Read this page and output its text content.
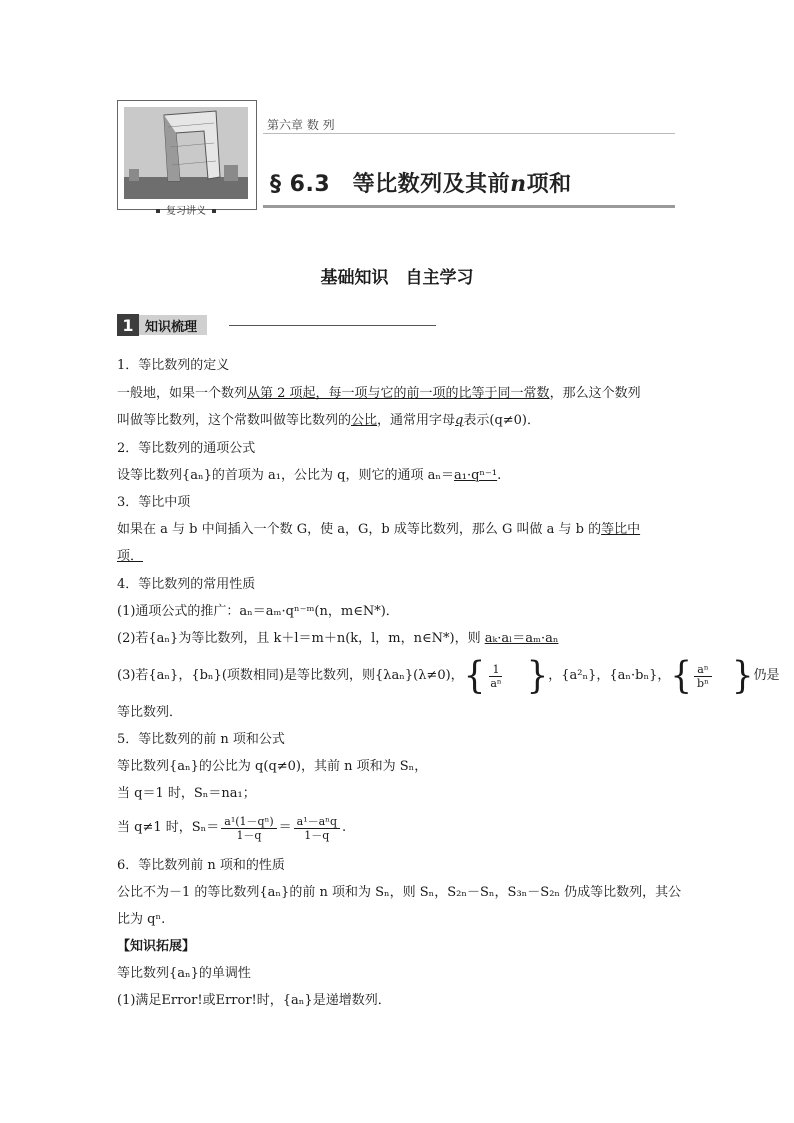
复习讲义
第六章 数 列
§ 6.3　等比数列及其前n项和
基础知识　自主学习
1 知识梳理
1．等比数列的定义
一般地，如果一个数列从第 2 项起，每一项与它的前一项的比等于同一常数，那么这个数列
叫做等比数列，这个常数叫做等比数列的公比，通常用字母q表示(q≠0)．
2．等比数列的通项公式
设等比数列{aₙ}的首项为 a₁，公比为 q，则它的通项 aₙ＝a₁·qⁿ⁻¹.
3．等比中项
如果在 a 与 b 中间插入一个数 G，使 a，G，b 成等比数列，那么 G 叫做 a 与 b 的等比中
项．
4．等比数列的常用性质
(1)通项公式的推广：aₙ＝aₘ·qⁿ⁻ᵐ(n，m∈N*)．
(2)若{aₙ}为等比数列，且 k＋l＝m＋n(k，l，m，n∈N*)，则 aₖ·aₗ＝aₘ·aₙ
(3)若{aₙ}，{bₙ}(项数相同)是等比数列，则{λaₙ}(λ≠0)， { $\frac{1}{\text{aⁿ}}$ } ，{a²ₙ}，{aₙ·bₙ}， { $\frac{\text{aⁿ}}{\text{bⁿ}}$ } 仍是
等比数列．
5．等比数列的前 n 项和公式
等比数列{aₙ}的公比为 q(q≠0)，其前 n 项和为 Sₙ，
当 q＝1 时，Sₙ＝na₁；
当 q≠1 时，$S_n= \frac{\text{a¹(1－qⁿ)}}{1-q} = \frac{\text{a¹－aⁿq}}{1-q}$ .
6．等比数列前 n 项和的性质
公比不为－1 的等比数列{aₙ}的前 n 项和为 Sₙ，则 Sₙ，S₂ₙ－Sₙ，S₃ₙ－S₂ₙ 仍成等比数列，其公
比为 qⁿ.
【知识拓展】
等比数列{aₙ}的单调性
(1)满足Error!或Error!时，{aₙ}是递增数列．
